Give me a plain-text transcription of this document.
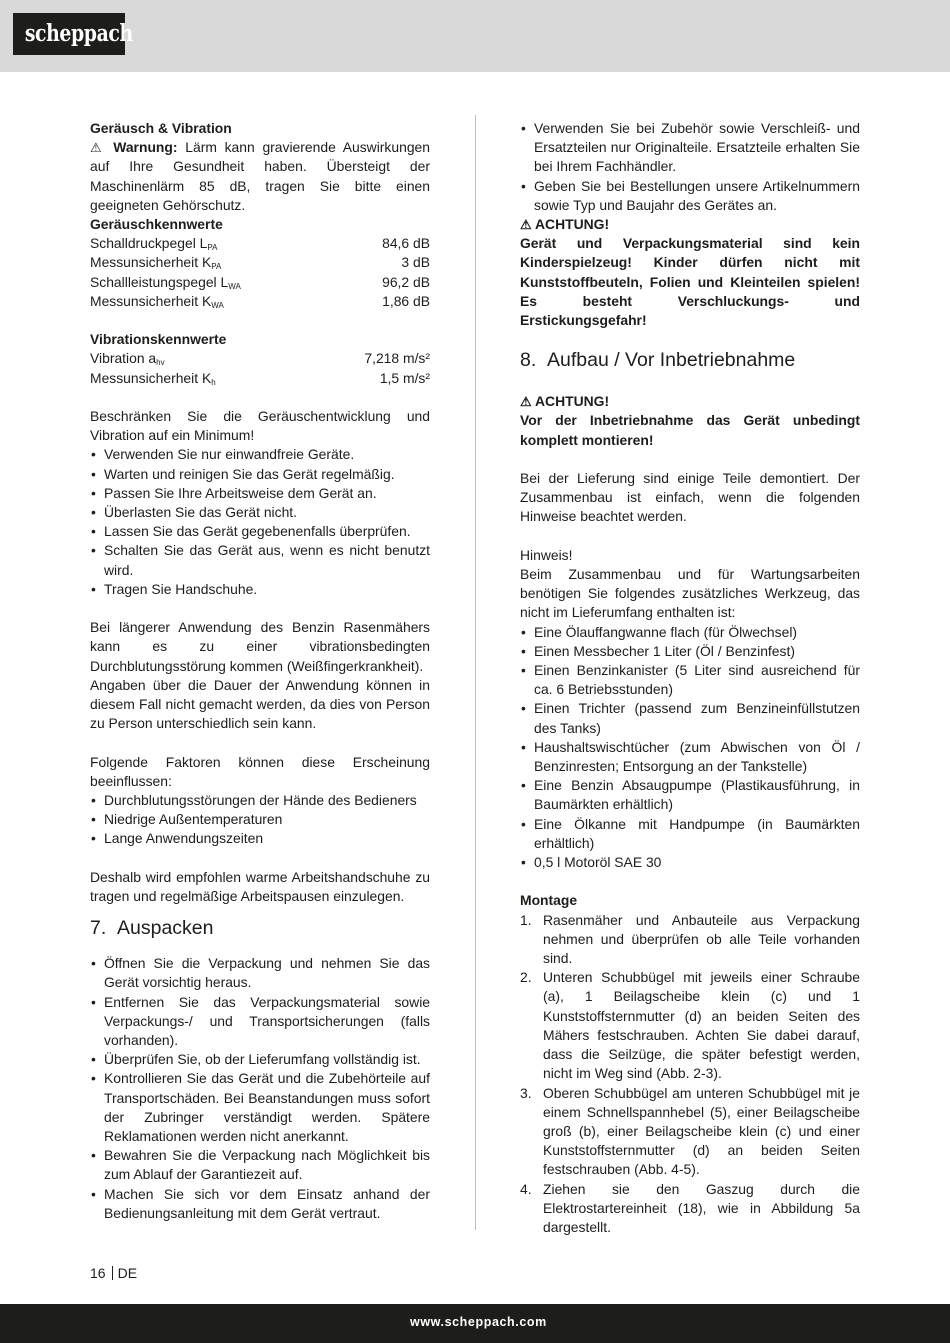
scheppach

Geräusch & Vibration

⚠ Warnung: Lärm kann gravierende Auswirkungen auf Ihre Gesundheit haben. Übersteigt der Maschinenlärm 85 dB, tragen Sie bitte einen geeigneten Gehörschutz.

Geräuschkennwerte

Schalldruckpegel $L_{PA}$	84,6 dB
Messunsicherheit $K_{PA}$	3 dB
Schallleistungspegel $L_{WA}$	96,2 dB
Messunsicherheit $K_{WA}$	1,86 dB

Vibrationskennwerte

Vibration $a_{hv}$	7,218 m/s²
Messunsicherheit $K_h$	1,5 m/s²

Beschränken Sie die Geräuschentwicklung und Vibration auf ein Minimum!

• Verwenden Sie nur einwandfreie Geräte.
• Warten und reinigen Sie das Gerät regelmäßig.
• Passen Sie Ihre Arbeitsweise dem Gerät an.
• Überlasten Sie das Gerät nicht.
• Lassen Sie das Gerät gegebenenfalls überprüfen.
• Schalten Sie das Gerät aus, wenn es nicht benutzt wird.
• Tragen Sie Handschuhe.

Bei längerer Anwendung des Benzin Rasenmähers kann es zu einer vibrationsbedingten Durchblutungsstörung kommen (Weißfingerkrankheit).

Angaben über die Dauer der Anwendung können in diesem Fall nicht gemacht werden, da dies von Person zu Person unterschiedlich sein kann.

Folgende Faktoren können diese Erscheinung beeinflussen:

• Durchblutungsstörungen der Hände des Bedieners
• Niedrige Außentemperaturen
• Lange Anwendungszeiten

Deshalb wird empfohlen warme Arbeitshandschuhe zu tragen und regelmäßige Arbeitspausen einzulegen.

7. Auspacken
• Öffnen Sie die Verpackung und nehmen Sie das Gerät vorsichtig heraus.
• Entfernen Sie das Verpackungsmaterial sowie Verpackungs-/ und Transportsicherungen (falls vorhanden).
• Überprüfen Sie, ob der Lieferumfang vollständig ist.
• Kontrollieren Sie das Gerät und die Zubehörteile auf Transportschäden. Bei Beanstandungen muss sofort der Zubringer verständigt werden. Spätere Reklamationen werden nicht anerkannt.
• Bewahren Sie die Verpackung nach Möglichkeit bis zum Ablauf der Garantiezeit auf.
• Machen Sie sich vor dem Einsatz anhand der Bedienungsanleitung mit dem Gerät vertraut.
• Verwenden Sie bei Zubehör sowie Verschleiß- und Ersatzteilen nur Originalteile. Ersatzteile erhalten Sie bei Ihrem Fachhändler.
• Geben Sie bei Bestellungen unsere Artikelnummern sowie Typ und Baujahr des Gerätes an.

⚠ ACHTUNG!

Gerät und Verpackungsmaterial sind kein Kinderspielzeug! Kinder dürfen nicht mit Kunststoffbeuteln, Folien und Kleinteilen spielen! Es besteht Verschluckungs- und Erstickungsgefahr!

8. Aufbau / Vor Inbetriebnahme

⚠ ACHTUNG!

Vor der Inbetriebnahme das Gerät unbedingt komplett montieren!

Bei der Lieferung sind einige Teile demontiert. Der Zusammenbau ist einfach, wenn die folgenden Hinweise beachtet werden.

Hinweis!

Beim Zusammenbau und für Wartungsarbeiten benötigen Sie folgendes zusätzliches Werkzeug, das nicht im Lieferumfang enthalten ist:

• Eine Ölauffangwanne flach (für Ölwechsel)
• Einen Messbecher 1 Liter (Öl / Benzinfest)
• Einen Benzinkanister (5 Liter sind ausreichend für ca. 6 Betriebsstunden)
• Einen Trichter (passend zum Benzineinfüllstutzen des Tanks)
• Haushaltswischtücher (zum Abwischen von Öl / Benzinresten; Entsorgung an der Tankstelle)
• Eine Benzin Absaugpumpe (Plastikausführung, in Baumärkten erhältlich)
• Eine Ölkanne mit Handpumpe (in Baumärkten erhältlich)
• 0,5 l Motoröl SAE 30

Montage

1. Rasenmäher und Anbauteile aus Verpackung nehmen und überprüfen ob alle Teile vorhanden sind.
2. Unteren Schubbügel mit jeweils einer Schraube (a), 1 Beilagscheibe klein (c) und 1 Kunststoffsternmutter (d) an beiden Seiten des Mähers festschrauben. Achten Sie dabei darauf, dass die Seilzüge, die später befestigt werden, nicht im Weg sind (Abb. 2-3).
3. Oberen Schubbügel am unteren Schubbügel mit je einem Schnellspannhebel (5), einer Beilagscheibe groß (b), einer Beilagscheibe klein (c) und einer Kunststoffsternmutter (d) an beiden Seiten festschrauben (Abb. 4-5).
4. Ziehen sie den Gaszug durch die Elektrostartereinheit (18), wie in Abbildung 5a dargestellt.
16 DE
www.scheppach.com
